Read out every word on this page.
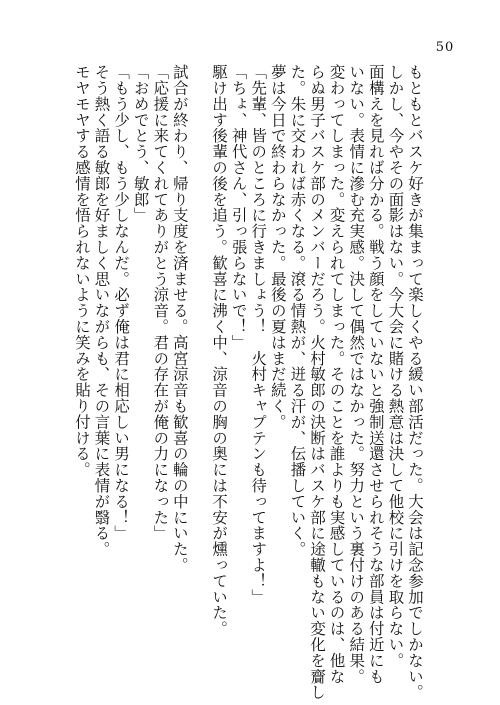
50
もともとバスケ好きが集まって楽しくやる緩い部活だった。大会は記念参加でしかない。
しかし、今やその面影はない。今大会に賭ける熱意は決して他校に引けを取らない。
面構えを見れば分かる。戦う顔をしていないと強制送還させられそうな部員は付近にも
いない。表情に滲む充実感。決して偶然ではなかった。努力という裏付けのある結果。
変わってしまった。変えられてしまった。そのことを誰よりも実感しているのは、他な
らぬ男子バスケ部のメンバーだろう。火村敏郎の決断はバスケ部に途轍もない変化を齎し
た。朱に交われば赤くなる。滾る情熱が、迸る汗が、伝播していく。
夢は今日で終わらなかった。最後の夏はまだ続く。
「先輩、皆のところに行きましょう！　火村キャプテンも待ってますよ！」
「ちょ、神代さん、引っ張らないで！」
駆け出す後輩の後を追う。歓喜に沸く中、涼音の胸の奥には不安が燻っていた。
試合が終わり、帰り支度を済ませる。高宮涼音も歓喜の輪の中にいた。
「応援に来てくれてありがとう涼音。君の存在が俺の力になった」
「おめでとう、敏郎」
「もう少し、もう少しなんだ。必ず俺は君に相応しい男になる！」
そう熱く語る敏郎を好ましく思いながらも、その言葉に表情が翳る。
モヤモヤする感情を悟られないように笑みを貼り付ける。
